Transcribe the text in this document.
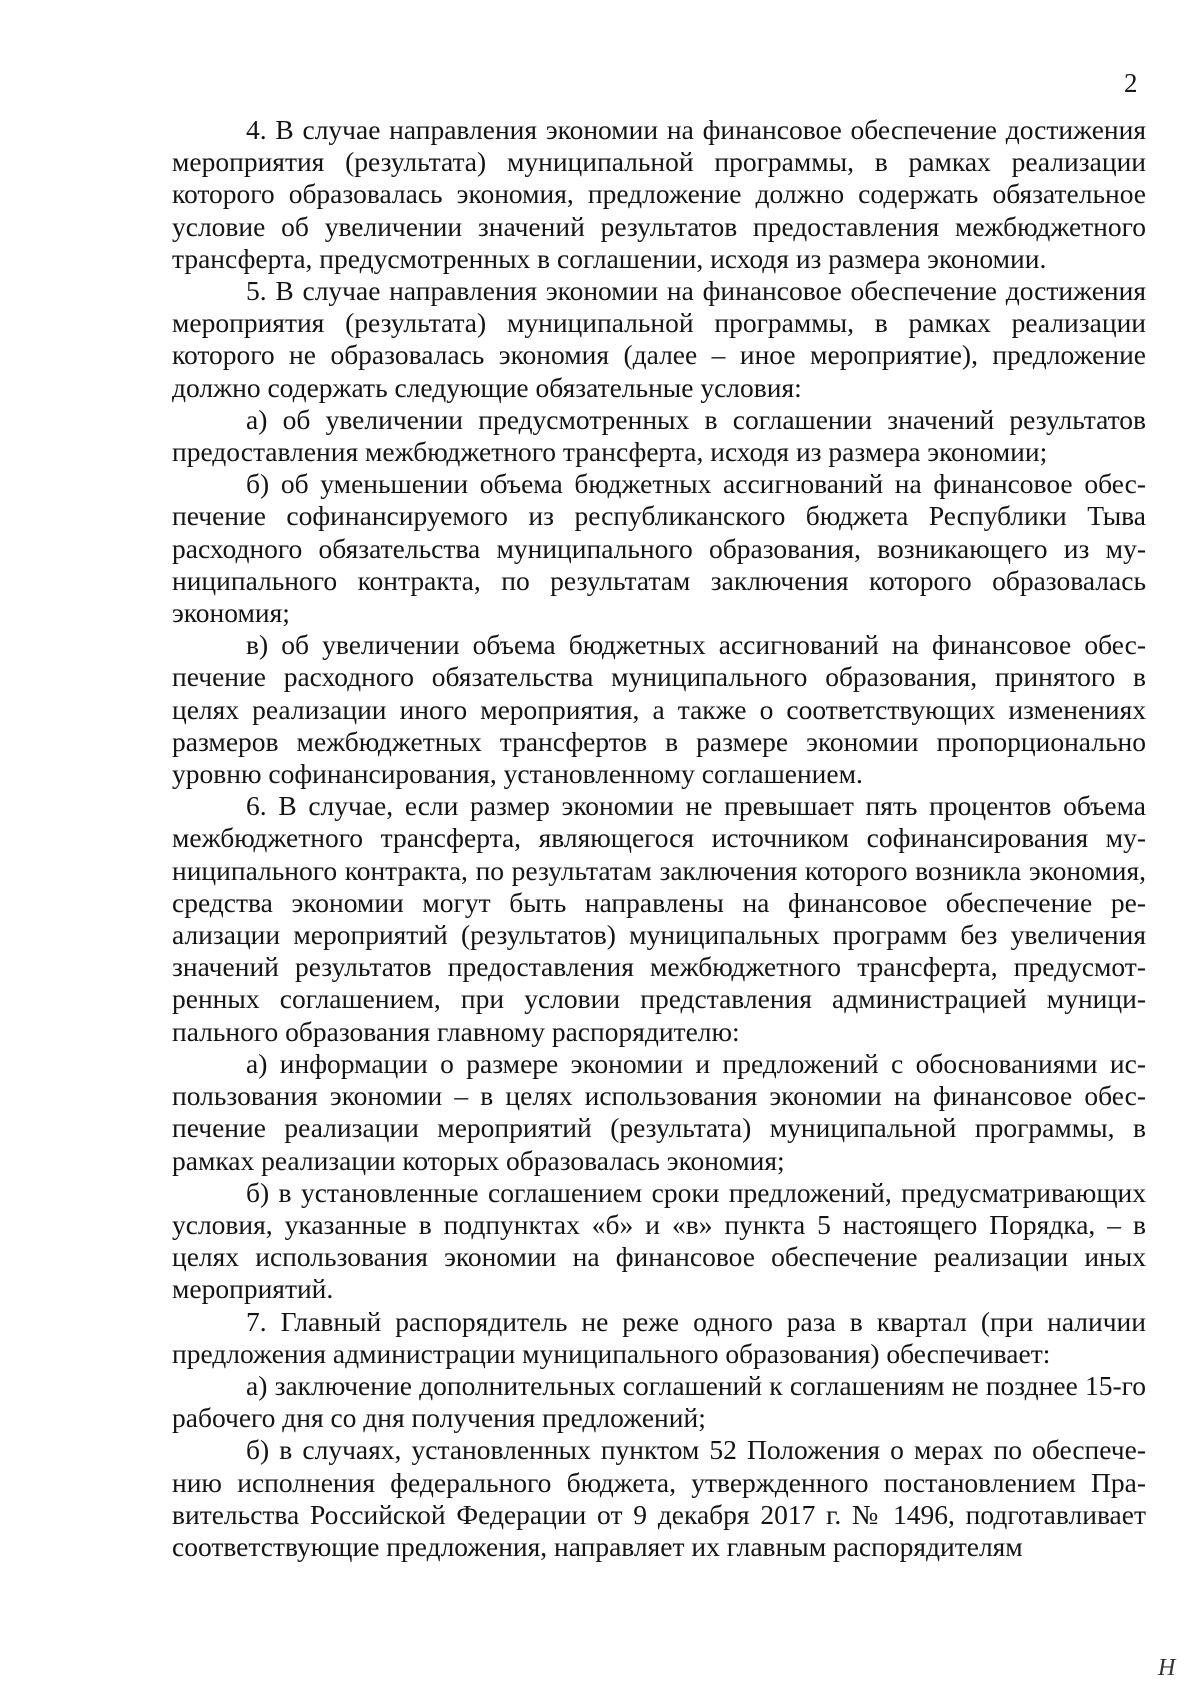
2

4. В случае направления экономии на финансовое обеспечение достижения мероприятия (результата) муниципальной программы, в рамках реализации которого образовалась экономия, предложение должно содержать обязательное условие об увеличении значений результатов предоставления межбюджетного трансферта, предусмотренных в соглашении, исходя из размера экономии.

5. В случае направления экономии на финансовое обеспечение достижения мероприятия (результата) муниципальной программы, в рамках реализации которого не образовалась экономия (далее – иное мероприятие), предложение должно содержать следующие обязательные условия:

а) об увеличении предусмотренных в соглашении значений результатов предоставления межбюджетного трансферта, исходя из размера экономии;

б) об уменьшении объема бюджетных ассигнований на финансовое обеспечение софинансируемого из республиканского бюджета Республики Тыва расходного обязательства муниципального образования, возникающего из муниципального контракта, по результатам заключения которого образовалась экономия;

в) об увеличении объема бюджетных ассигнований на финансовое обеспечение расходного обязательства муниципального образования, принятого в целях реализации иного мероприятия, а также о соответствующих изменениях размеров межбюджетных трансфертов в размере экономии пропорционально уровню софинансирования, установленному соглашением.

6. В случае, если размер экономии не превышает пять процентов объема межбюджетного трансферта, являющегося источником софинансирования муниципального контракта, по результатам заключения которого возникла экономия, средства экономии могут быть направлены на финансовое обеспечение реализации мероприятий (результатов) муниципальных программ без увеличения значений результатов предоставления межбюджетного трансферта, предусмотренных соглашением, при условии представления администрацией муниципального образования главному распорядителю:

а) информации о размере экономии и предложений с обоснованиями использования экономии – в целях использования экономии на финансовое обеспечение реализации мероприятий (результата) муниципальной программы, в рамках реализации которых образовалась экономия;

б) в установленные соглашением сроки предложений, предусматривающих условия, указанные в подпунктах «б» и «в» пункта 5 настоящего Порядка, – в целях использования экономии на финансовое обеспечение реализации иных мероприятий.

7. Главный распорядитель не реже одного раза в квартал (при наличии предложения администрации муниципального образования) обеспечивает:

а) заключение дополнительных соглашений к соглашениям не позднее 15-го рабочего дня со дня получения предложений;

б) в случаях, установленных пунктом 52 Положения о мерах по обеспечению исполнения федерального бюджета, утвержденного постановлением Правительства Российской Федерации от 9 декабря 2017 г. № 1496, подготавливает соответствующие предложения, направляет их главным распорядителям

Н
